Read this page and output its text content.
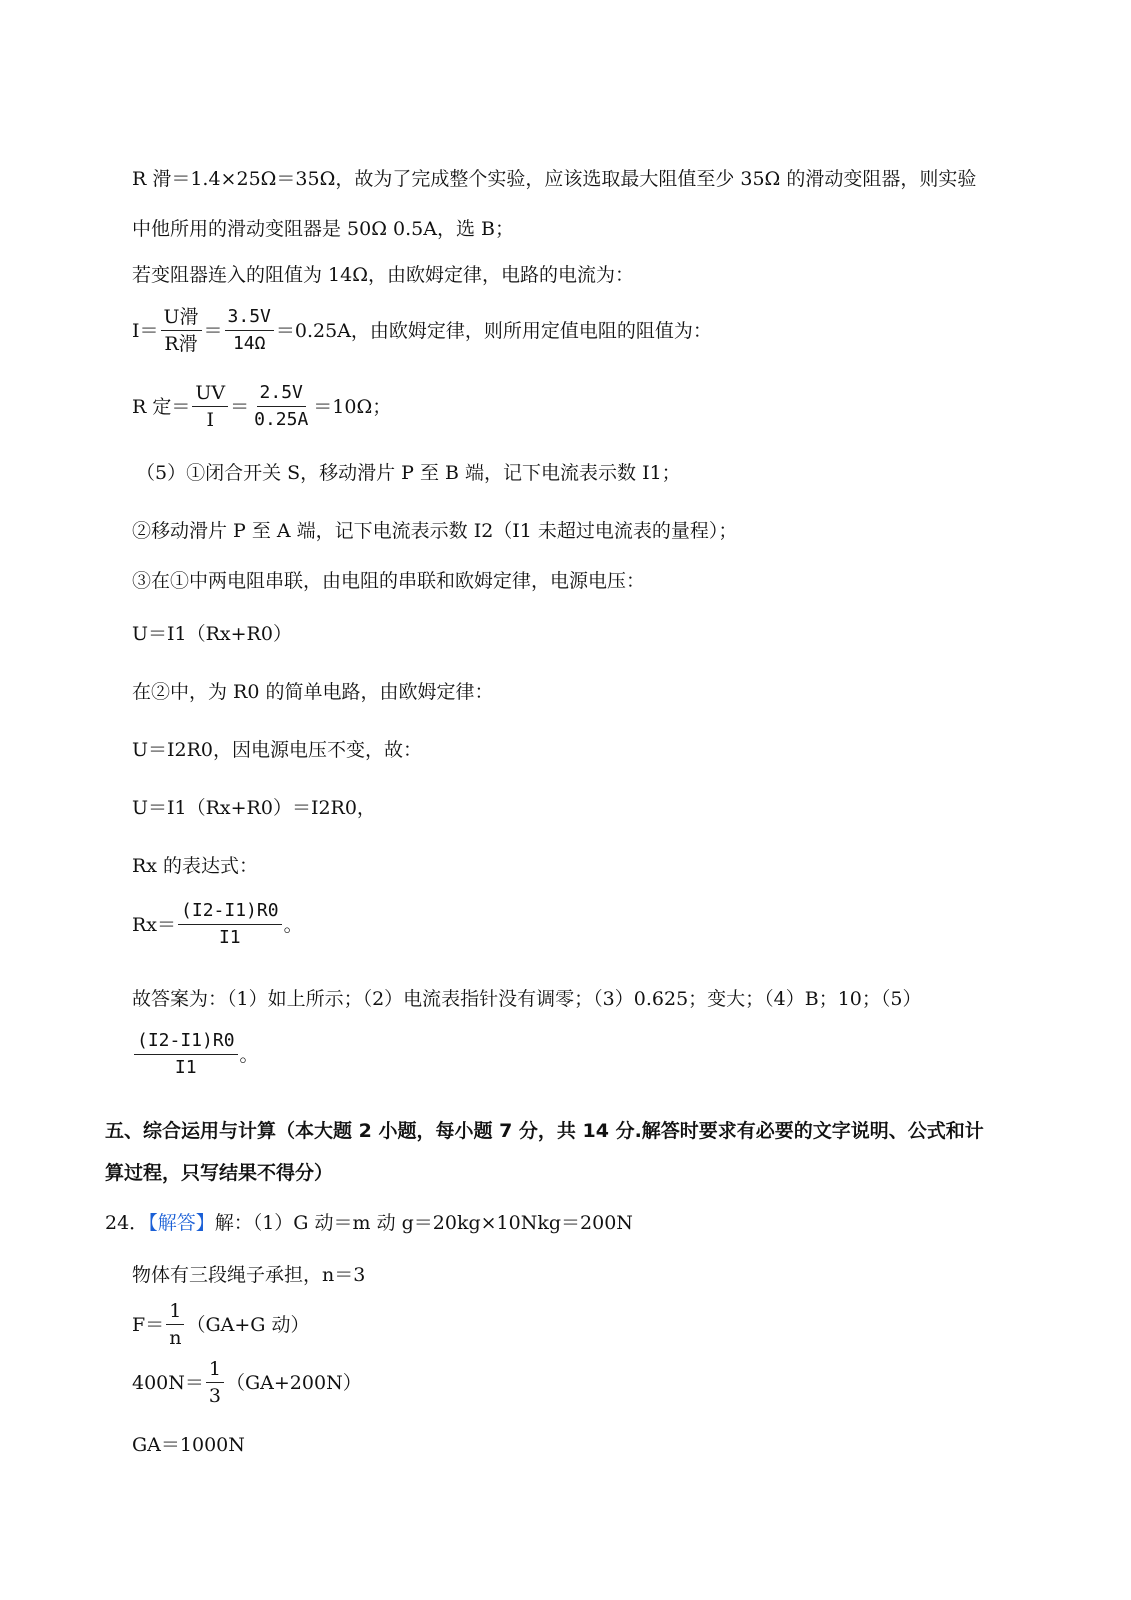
R 滑＝1.4×25Ω＝35Ω，故为了完成整个实验，应该选取最大阻值至少 35Ω 的滑动变阻器，则实验
中他所用的滑动变阻器是 50Ω 0.5A，选 B；
若变阻器连入的阻值为 14Ω，由欧姆定律，电路的电流为：
$I= \frac{\text{U滑}}{\text{R滑}} = \frac{3.5V}{14\Omega} =0.25A$，由欧姆定律，则所用定值电阻的阻值为：
R 定＝ $\frac{UV}{I} = \frac{2.5V}{0.25A} =10\Omega$；
（5）①闭合开关 S，移动滑片 P 至 B 端，记下电流表示数 I1；
②移动滑片 P 至 A 端，记下电流表示数 I2（I1 未超过电流表的量程）；
③在①中两电阻串联，由电阻的串联和欧姆定律，电源电压：
U＝I1（Rx+R0）
在②中，为 R0 的简单电路，由欧姆定律：
U＝I2R0，因电源电压不变，故：
U＝I1（Rx+R0）＝I2R0，
Rx 的表达式：
$Rx= \frac{(I2-I1)R0}{I1}$ 。
故答案为：（1）如上所示；（2）电流表指针没有调零；（3）0.625；变大；（4）B；10；（5）
$\frac{(I2-I1)R0}{I1}$ 。
五、综合运用与计算（本大题 2 小题，每小题 7 分，共 14 分.解答时要求有必要的文字说明、公式和计
算过程，只写结果不得分）
24．【解答】解：（1）G 动＝m 动 g＝20kg×10Nkg＝200N
物体有三段绳子承担，n＝3
$F= \frac{1}{n} (GA+G$ 动）
$400N= \frac{1}{3} (GA+200N)$
GA＝1000N
